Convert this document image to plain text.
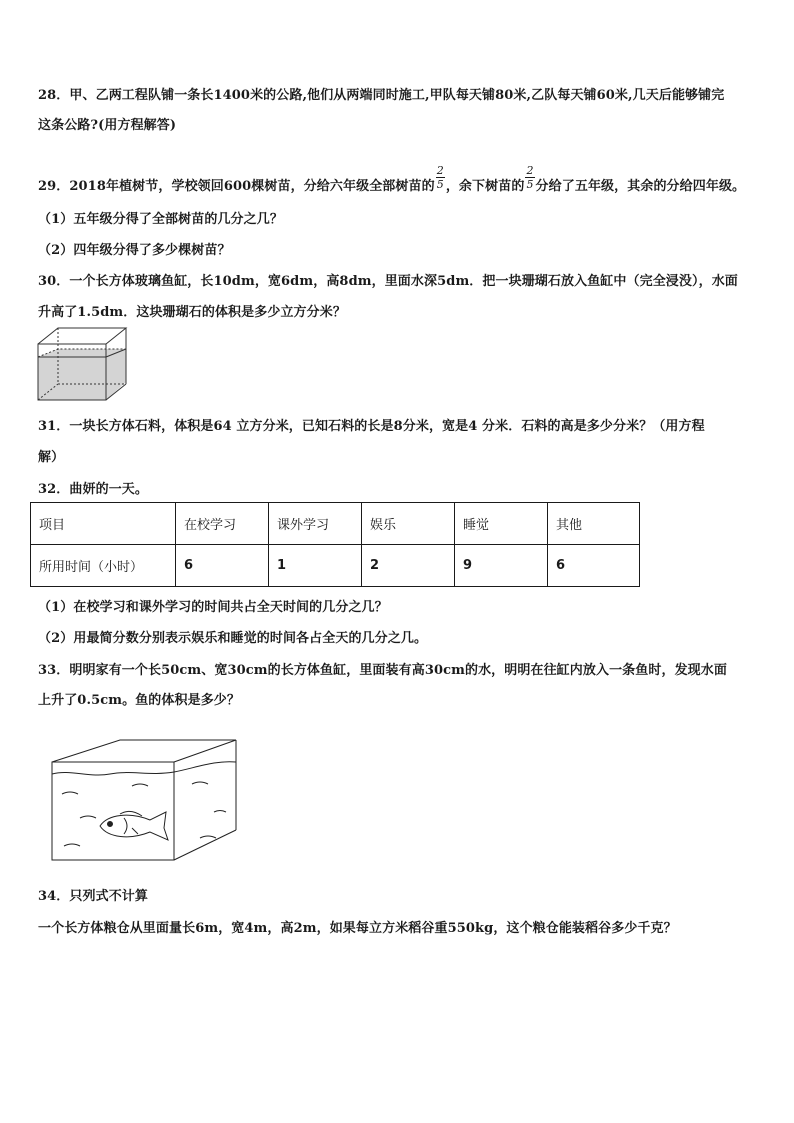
28．甲、乙两工程队铺一条长1400米的公路,他们从两端同时施工,甲队每天铺80米,乙队每天铺60米,几天后能够铺完
这条公路?(用方程解答)
29．2018年植树节，学校领回600棵树苗，分给六年级全部树苗的 $\frac{2}{5}$ ，余下树苗的 $\frac{2}{5}$ 分给了五年级，其余的分给四年级。
（1）五年级分得了全部树苗的几分之几？
（2）四年级分得了多少棵树苗？
30．一个长方体玻璃鱼缸，长10dm，宽6dm，高8dm，里面水深5dm．把一块珊瑚石放入鱼缸中（完全浸没），水面
升高了1.5dm．这块珊瑚石的体积是多少立方分米？
31．一块长方体石料，体积是64 立方分米，已知石料的长是8分米，宽是4 分米．石料的高是多少分米？（用方程
解）
32．曲妍的一天。
项目	在校学习	课外学习	娱乐	睡觉	其他
所用时间（小时）	6	1	2	9	6
（1）在校学习和课外学习的时间共占全天时间的几分之几？
（2）用最简分数分别表示娱乐和睡觉的时间各占全天的几分之几。
33．明明家有一个长50cm、宽30cm的长方体鱼缸，里面装有高30cm的水，明明在往缸内放入一条鱼时，发现水面
上升了0.5cm。鱼的体积是多少？
34．只列式不计算
一个长方体粮仓从里面量长6m，宽4m，高2m，如果每立方米稻谷重550kg，这个粮仓能装稻谷多少千克？
